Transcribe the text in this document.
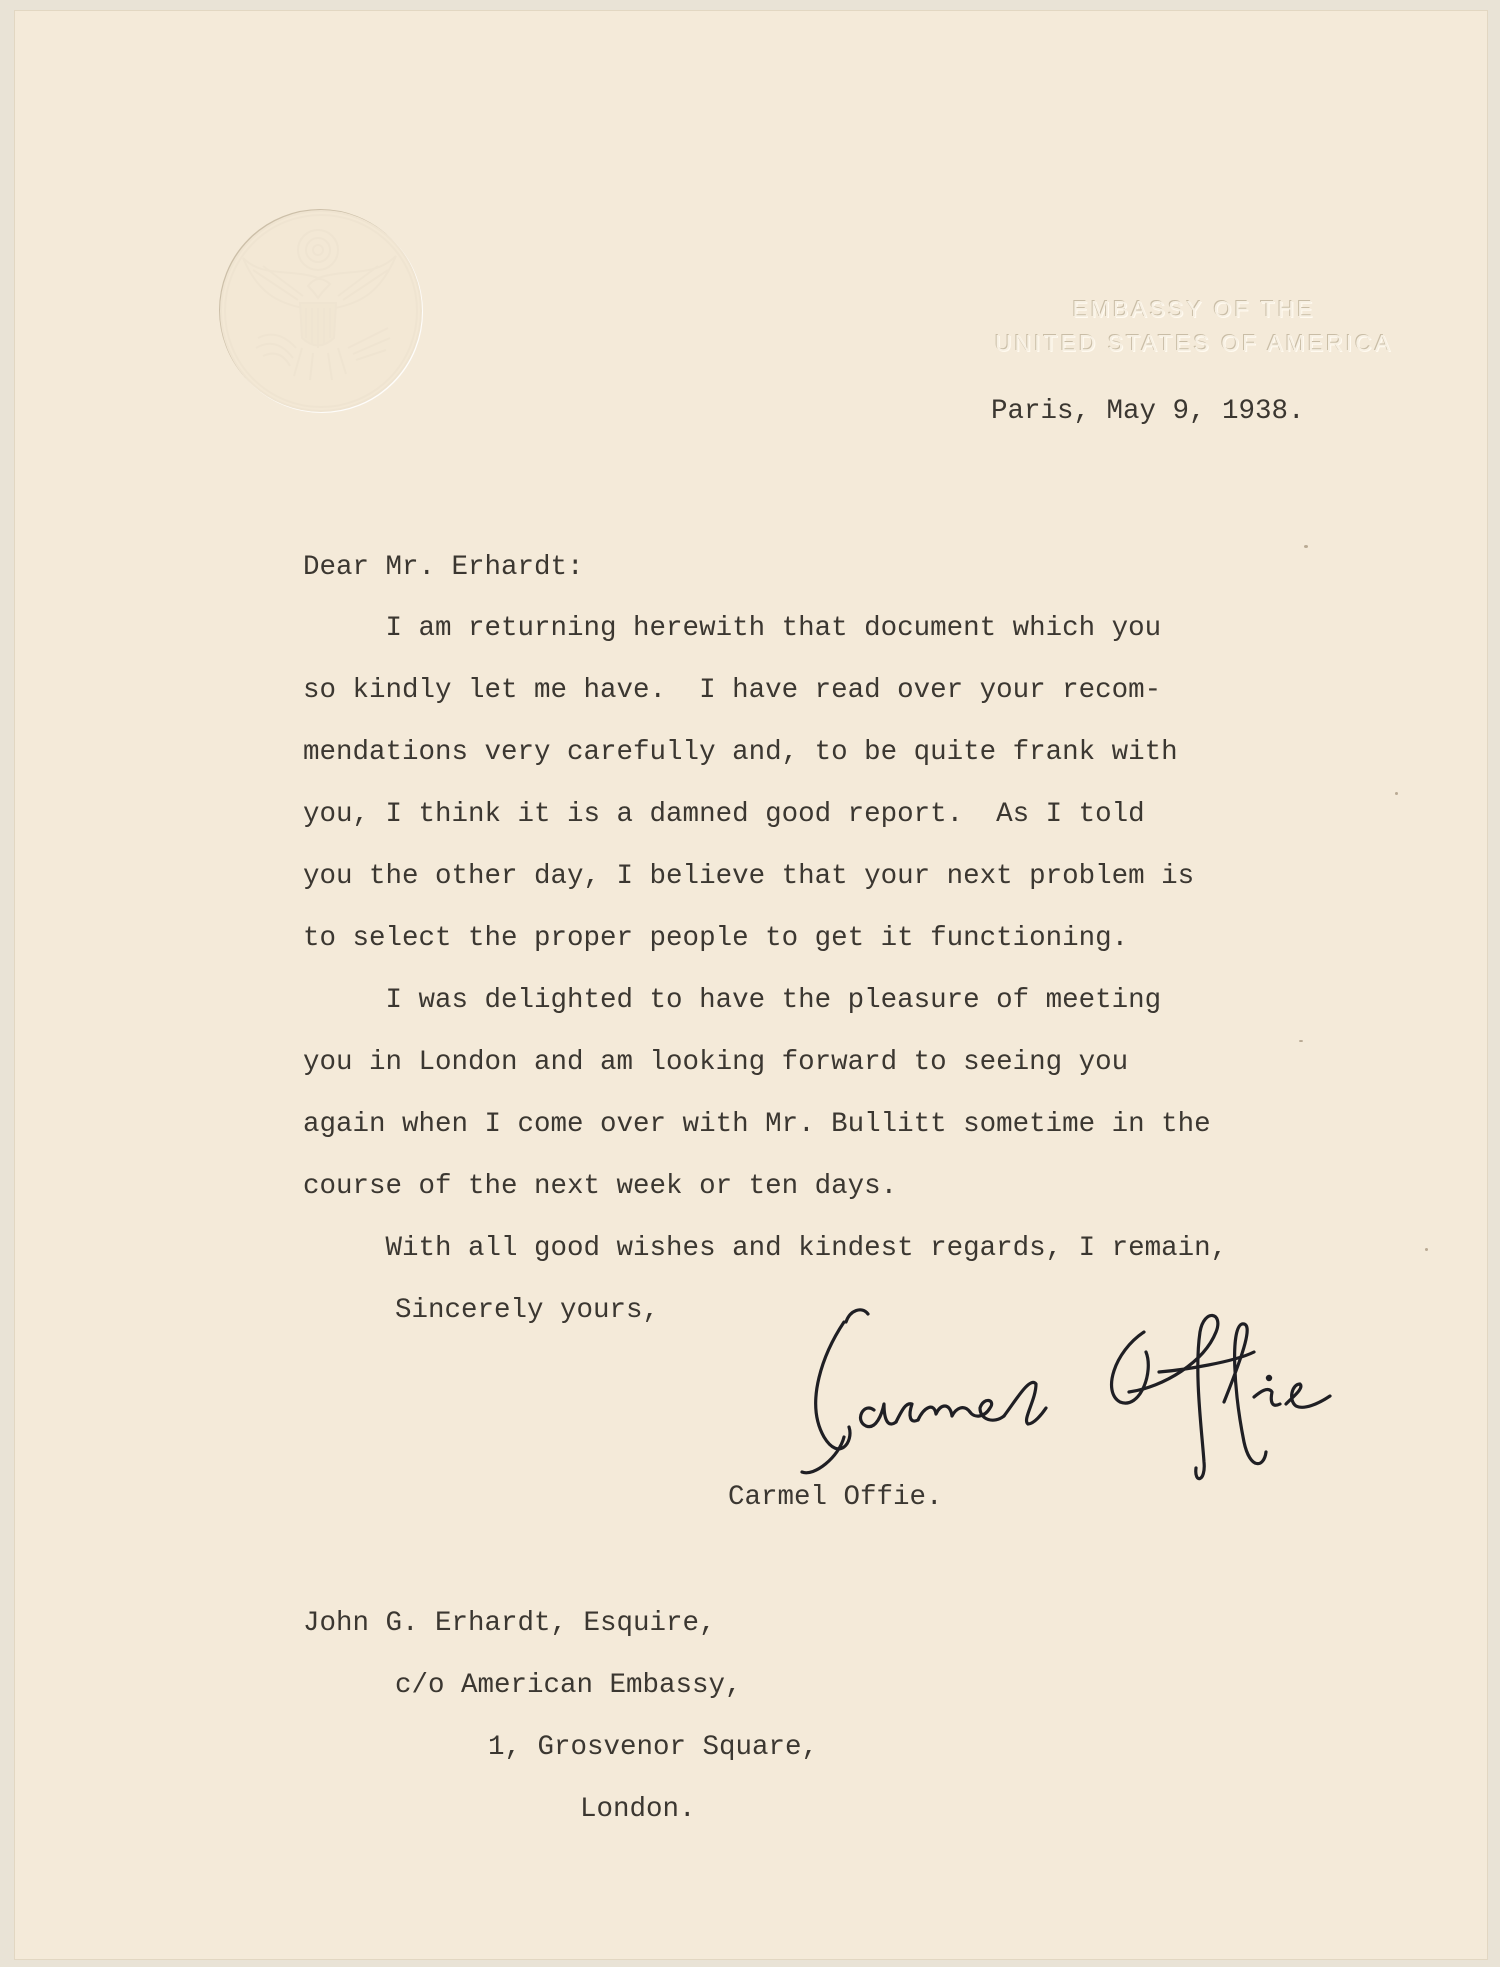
EMBASSY OF THE
UNITED STATES OF AMERICA
Paris, May 9, 1938.
Dear Mr. Erhardt:
I am returning herewith that document which you
so kindly let me have.  I have read over your recom-
mendations very carefully and, to be quite frank with
you, I think it is a damned good report.  As I told
you the other day, I believe that your next problem is
to select the proper people to get it functioning.
I was delighted to have the pleasure of meeting
you in London and am looking forward to seeing you
again when I come over with Mr. Bullitt sometime in the
course of the next week or ten days.
With all good wishes and kindest regards, I remain,
Sincerely yours,
Carmel Offie.
John G. Erhardt, Esquire,
c/o American Embassy,
1, Grosvenor Square,
London.
